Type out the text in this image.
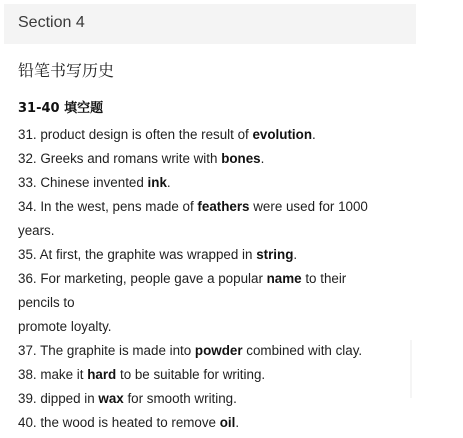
Section 4
铅笔书写历史
31-40 填空题
31. product design is often the result of evolution.
32. Greeks and romans write with bones.
33. Chinese invented ink.
34. In the west, pens made of feathers were used for 1000
years.
35. At first, the graphite was wrapped in string.
36. For marketing, people gave a popular name to their
pencils to
promote loyalty.
37. The graphite is made into powder combined with clay.
38. make it hard to be suitable for writing.
39. dipped in wax for smooth writing.
40. the wood is heated to remove oil.
